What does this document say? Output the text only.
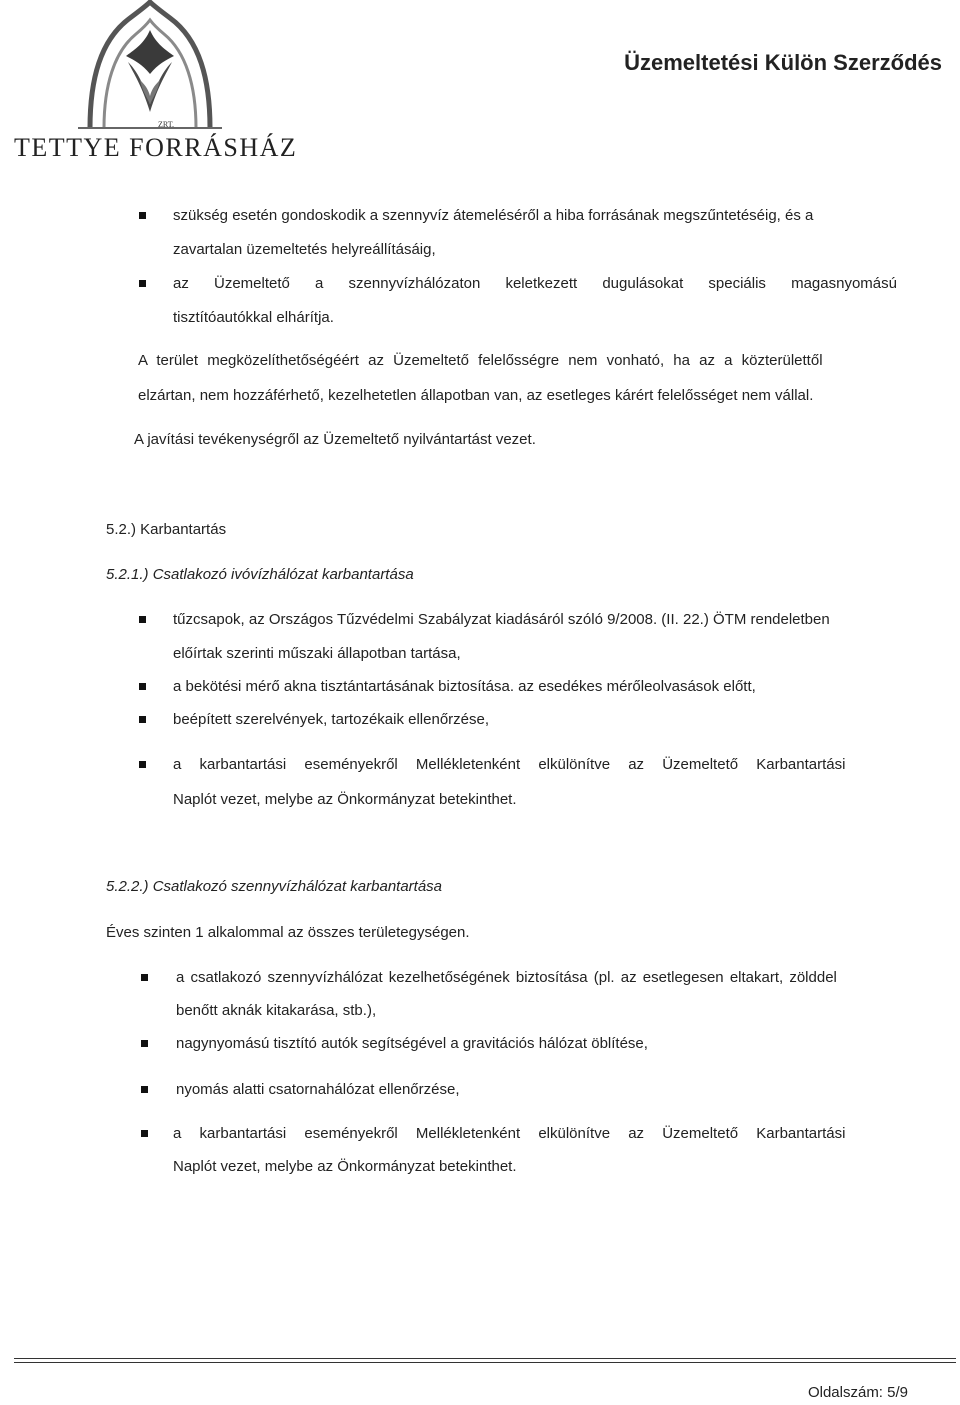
ZRT.
TETTYE FORRÁSHÁZ
Üzemeltetési Külön Szerződés
szükség esetén gondoskodik a szennyvíz átemeléséről a hiba forrásának megszűntetéséig, és a
zavartalan üzemeltetés helyreállításáig,
az Üzemeltető a szennyvízhálózaton keletkezett dugulásokat speciális magasnyomású
tisztítóautókkal elhárítja.
A terület megközelíthetőségéért az Üzemeltető felelősségre nem vonható, ha az a közterülettől
elzártan, nem hozzáférhető, kezelhetetlen állapotban van, az esetleges kárért felelősséget nem vállal.
A javítási tevékenységről az Üzemeltető nyilvántartást vezet.
5.2.) Karbantartás
5.2.1.) Csatlakozó ivóvízhálózat karbantartása
tűzcsapok, az Országos Tűzvédelmi Szabályzat kiadásáról szóló 9/2008. (II. 22.) ÖTM rendeletben
előírtak szerinti műszaki állapotban tartása,
a bekötési mérő akna tisztántartásának biztosítása. az esedékes mérőleolvasások előtt,
beépített szerelvények, tartozékaik ellenőrzése,
a karbantartási eseményekről Mellékletenként elkülönítve az Üzemeltető Karbantartási
Naplót vezet, melybe az Önkormányzat betekinthet.
5.2.2.) Csatlakozó szennyvízhálózat karbantartása
Éves szinten 1 alkalommal az összes területegységen.
a csatlakozó szennyvízhálózat kezelhetőségének biztosítása (pl. az esetlegesen eltakart, zölddel
benőtt aknák kitakarása, stb.),
nagynyomású tisztító autók segítségével a gravitációs hálózat öblítése,
nyomás alatti csatornahálózat ellenőrzése,
a karbantartási eseményekről Mellékletenként elkülönítve az Üzemeltető Karbantartási
Naplót vezet, melybe az Önkormányzat betekinthet.
Oldalszám: 5/9
